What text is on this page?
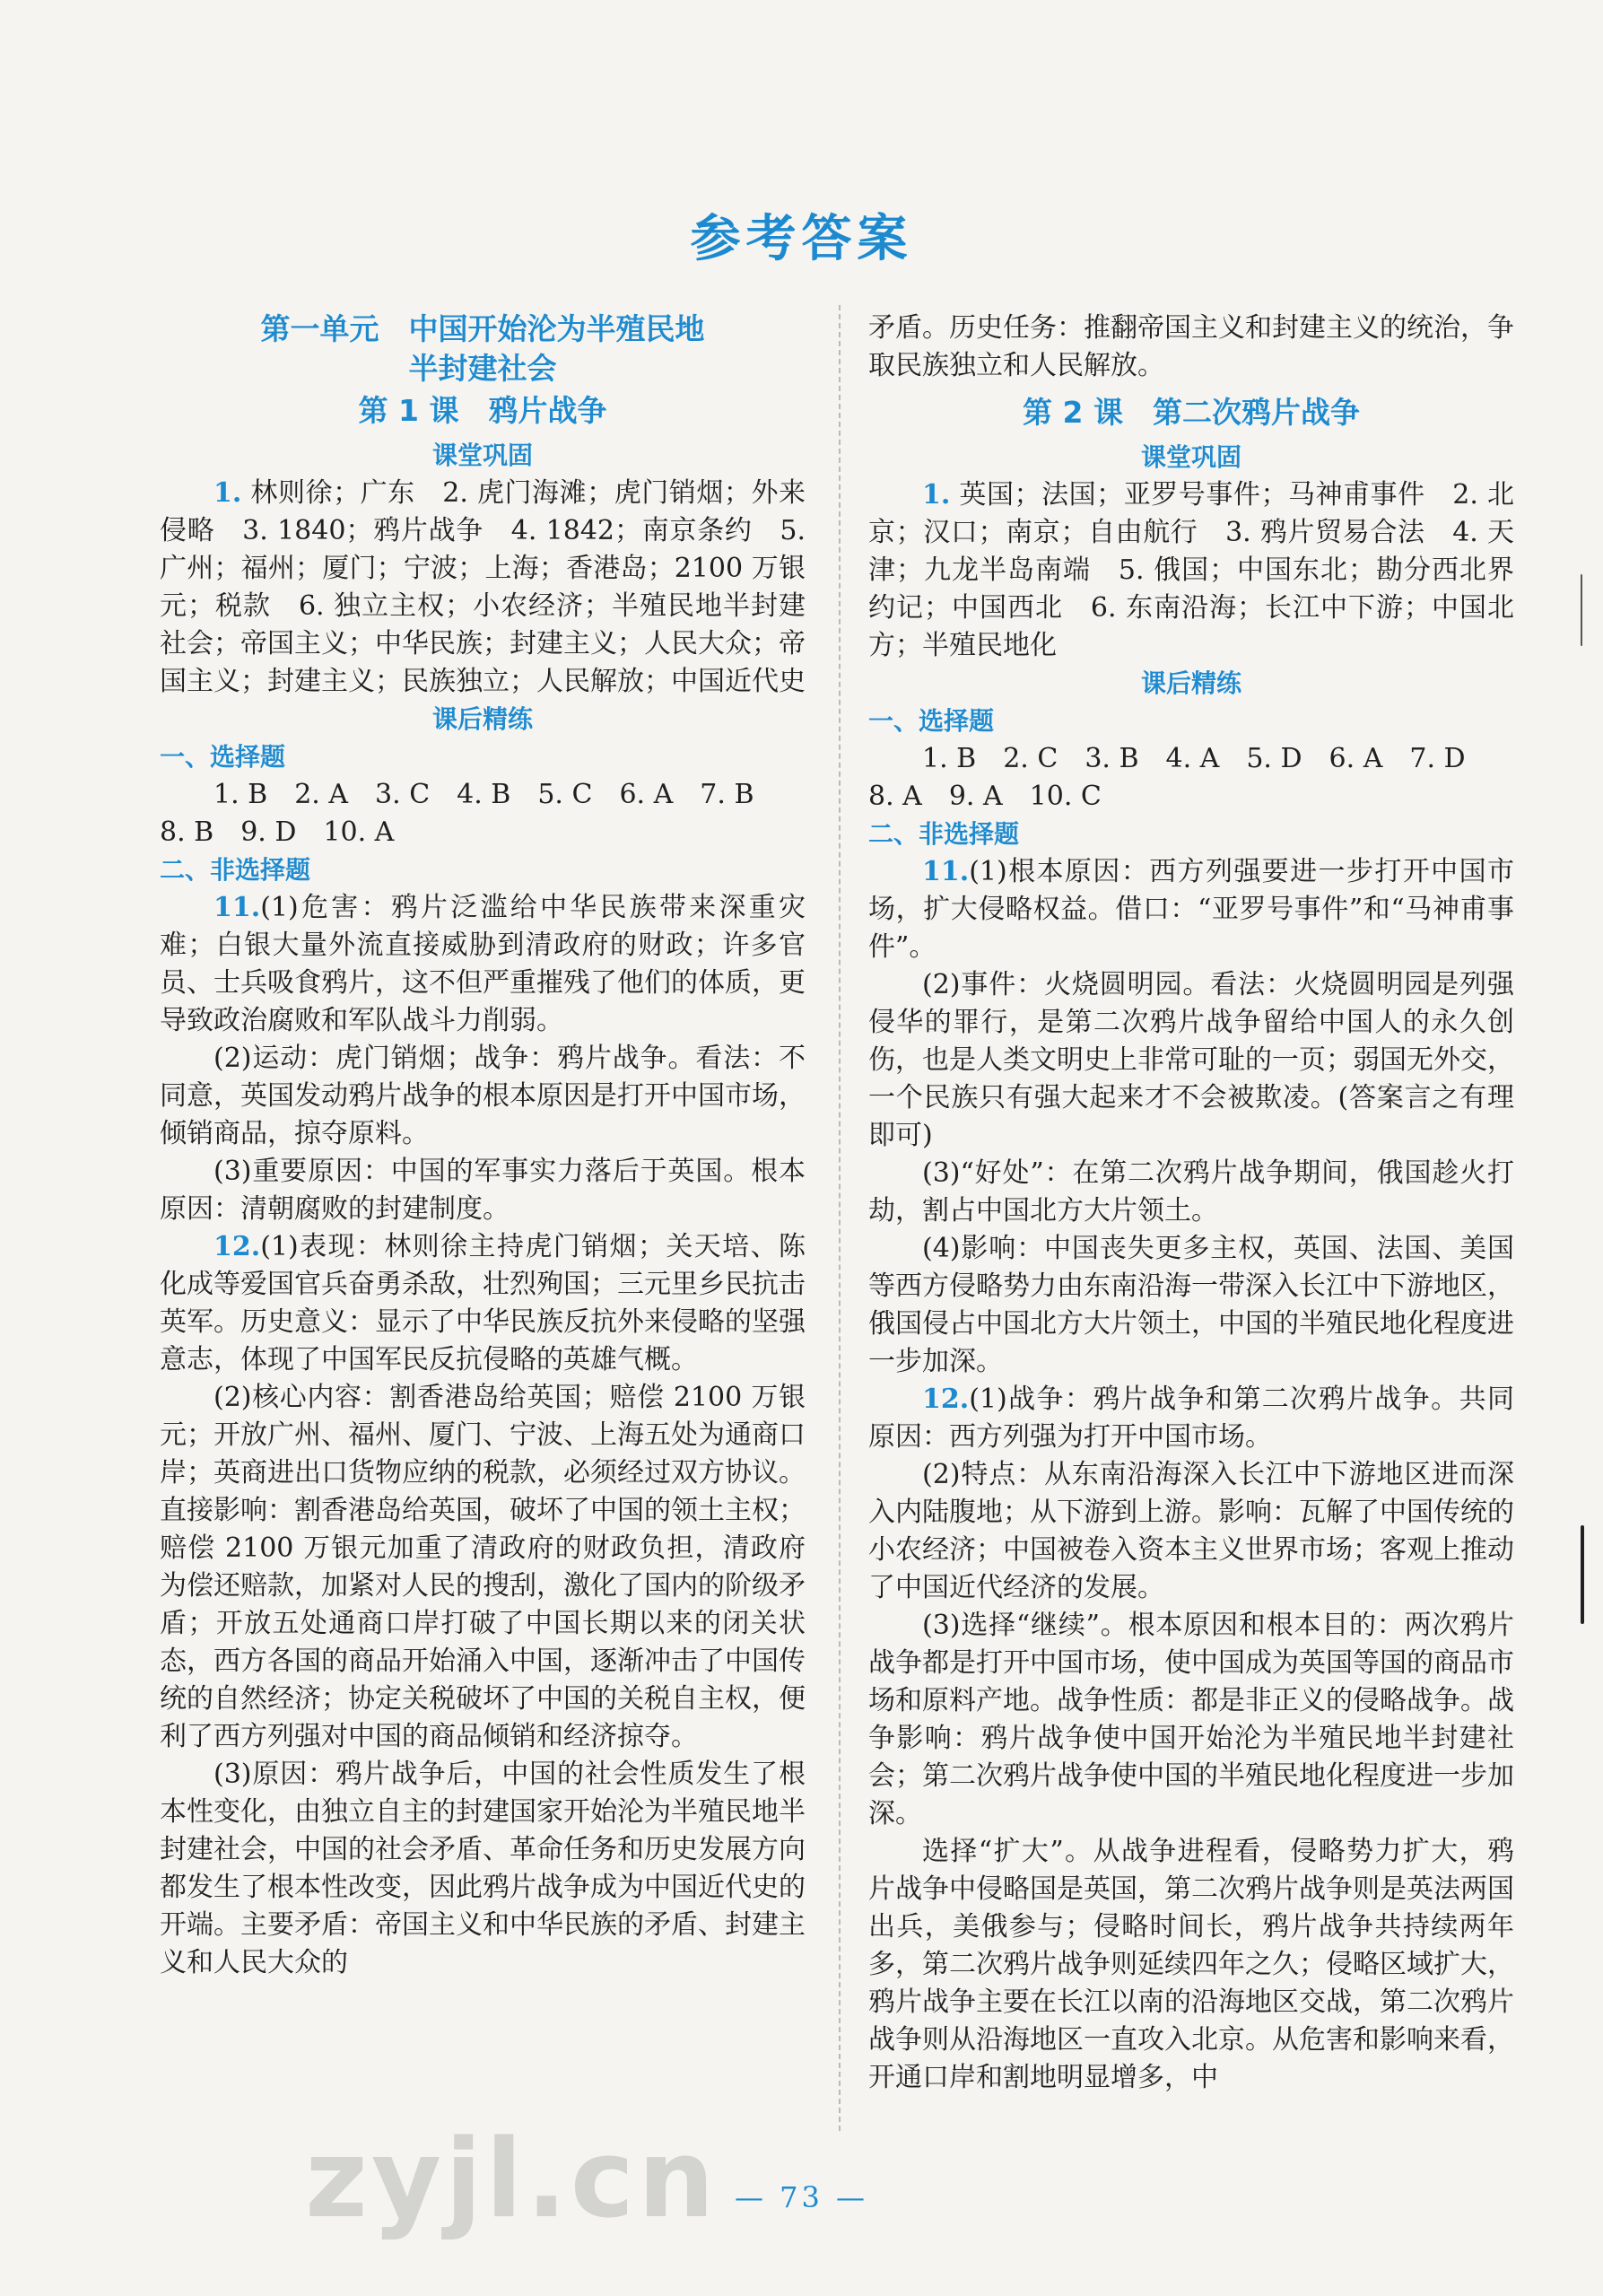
参考答案
第一单元　中国开始沦为半殖民地
半封建社会
第 1 课　鸦片战争
课堂巩固

1. 林则徐；广东　2. 虎门海滩；虎门销烟；外来侵略　3. 1840；鸦片战争　4. 1842；南京条约　5. 广州；福州；厦门；宁波；上海；香港岛；2100 万银元；税款　6. 独立主权；小农经济；半殖民地半封建社会；帝国主义；中华民族；封建主义；人民大众；帝国主义；封建主义；民族独立；人民解放；中国近代史

课后精练
一、选择题

1. B　2. A　3. C　4. B　5. C　6. A　7. B

8. B　9. D　10. A

二、非选择题

11.(1)危害：鸦片泛滥给中华民族带来深重灾难；白银大量外流直接威胁到清政府的财政；许多官员、士兵吸食鸦片，这不但严重摧残了他们的体质，更导致政治腐败和军队战斗力削弱。

(2)运动：虎门销烟；战争：鸦片战争。看法：不同意，英国发动鸦片战争的根本原因是打开中国市场，倾销商品，掠夺原料。

(3)重要原因：中国的军事实力落后于英国。根本原因：清朝腐败的封建制度。

12.(1)表现：林则徐主持虎门销烟；关天培、陈化成等爱国官兵奋勇杀敌，壮烈殉国；三元里乡民抗击英军。历史意义：显示了中华民族反抗外来侵略的坚强意志，体现了中国军民反抗侵略的英雄气概。

(2)核心内容：割香港岛给英国；赔偿 2100 万银元；开放广州、福州、厦门、宁波、上海五处为通商口岸；英商进出口货物应纳的税款，必须经过双方协议。直接影响：割香港岛给英国，破坏了中国的领土主权；赔偿 2100 万银元加重了清政府的财政负担，清政府为偿还赔款，加紧对人民的搜刮，激化了国内的阶级矛盾；开放五处通商口岸打破了中国长期以来的闭关状态，西方各国的商品开始涌入中国，逐渐冲击了中国传统的自然经济；协定关税破坏了中国的关税自主权，便利了西方列强对中国的商品倾销和经济掠夺。

(3)原因：鸦片战争后，中国的社会性质发生了根本性变化，由独立自主的封建国家开始沦为半殖民地半封建社会，中国的社会矛盾、革命任务和历史发展方向都发生了根本性改变，因此鸦片战争成为中国近代史的开端。主要矛盾：帝国主义和中华民族的矛盾、封建主义和人民大众的

矛盾。历史任务：推翻帝国主义和封建主义的统治，争取民族独立和人民解放。

第 2 课　第二次鸦片战争
课堂巩固

1. 英国；法国；亚罗号事件；马神甫事件　2. 北京；汉口；南京；自由航行　3. 鸦片贸易合法　4. 天津；九龙半岛南端　5. 俄国；中国东北；勘分西北界约记；中国西北　6. 东南沿海；长江中下游；中国北方；半殖民地化

课后精练
一、选择题

1. B　2. C　3. B　4. A　5. D　6. A　7. D

8. A　9. A　10. C

二、非选择题

11.(1)根本原因：西方列强要进一步打开中国市场，扩大侵略权益。借口：“亚罗号事件”和“马神甫事件”。

(2)事件：火烧圆明园。看法：火烧圆明园是列强侵华的罪行，是第二次鸦片战争留给中国人的永久创伤，也是人类文明史上非常可耻的一页；弱国无外交，一个民族只有强大起来才不会被欺凌。(答案言之有理即可)

(3)“好处”：在第二次鸦片战争期间，俄国趁火打劫，割占中国北方大片领土。

(4)影响：中国丧失更多主权，英国、法国、美国等西方侵略势力由东南沿海一带深入长江中下游地区，俄国侵占中国北方大片领土，中国的半殖民地化程度进一步加深。

12.(1)战争：鸦片战争和第二次鸦片战争。共同原因：西方列强为打开中国市场。

(2)特点：从东南沿海深入长江中下游地区进而深入内陆腹地；从下游到上游。影响：瓦解了中国传统的小农经济；中国被卷入资本主义世界市场；客观上推动了中国近代经济的发展。

(3)选择“继续”。根本原因和根本目的：两次鸦片战争都是打开中国市场，使中国成为英国等国的商品市场和原料产地。战争性质：都是非正义的侵略战争。战争影响：鸦片战争使中国开始沦为半殖民地半封建社会；第二次鸦片战争使中国的半殖民地化程度进一步加深。

选择“扩大”。从战争进程看，侵略势力扩大，鸦片战争中侵略国是英国，第二次鸦片战争则是英法两国出兵，美俄参与；侵略时间长，鸦片战争共持续两年多，第二次鸦片战争则延续四年之久；侵略区域扩大，鸦片战争主要在长江以南的沿海地区交战，第二次鸦片战争则从沿海地区一直攻入北京。从危害和影响来看，开通口岸和割地明显增多，中

zyjl.cn — 73 —
